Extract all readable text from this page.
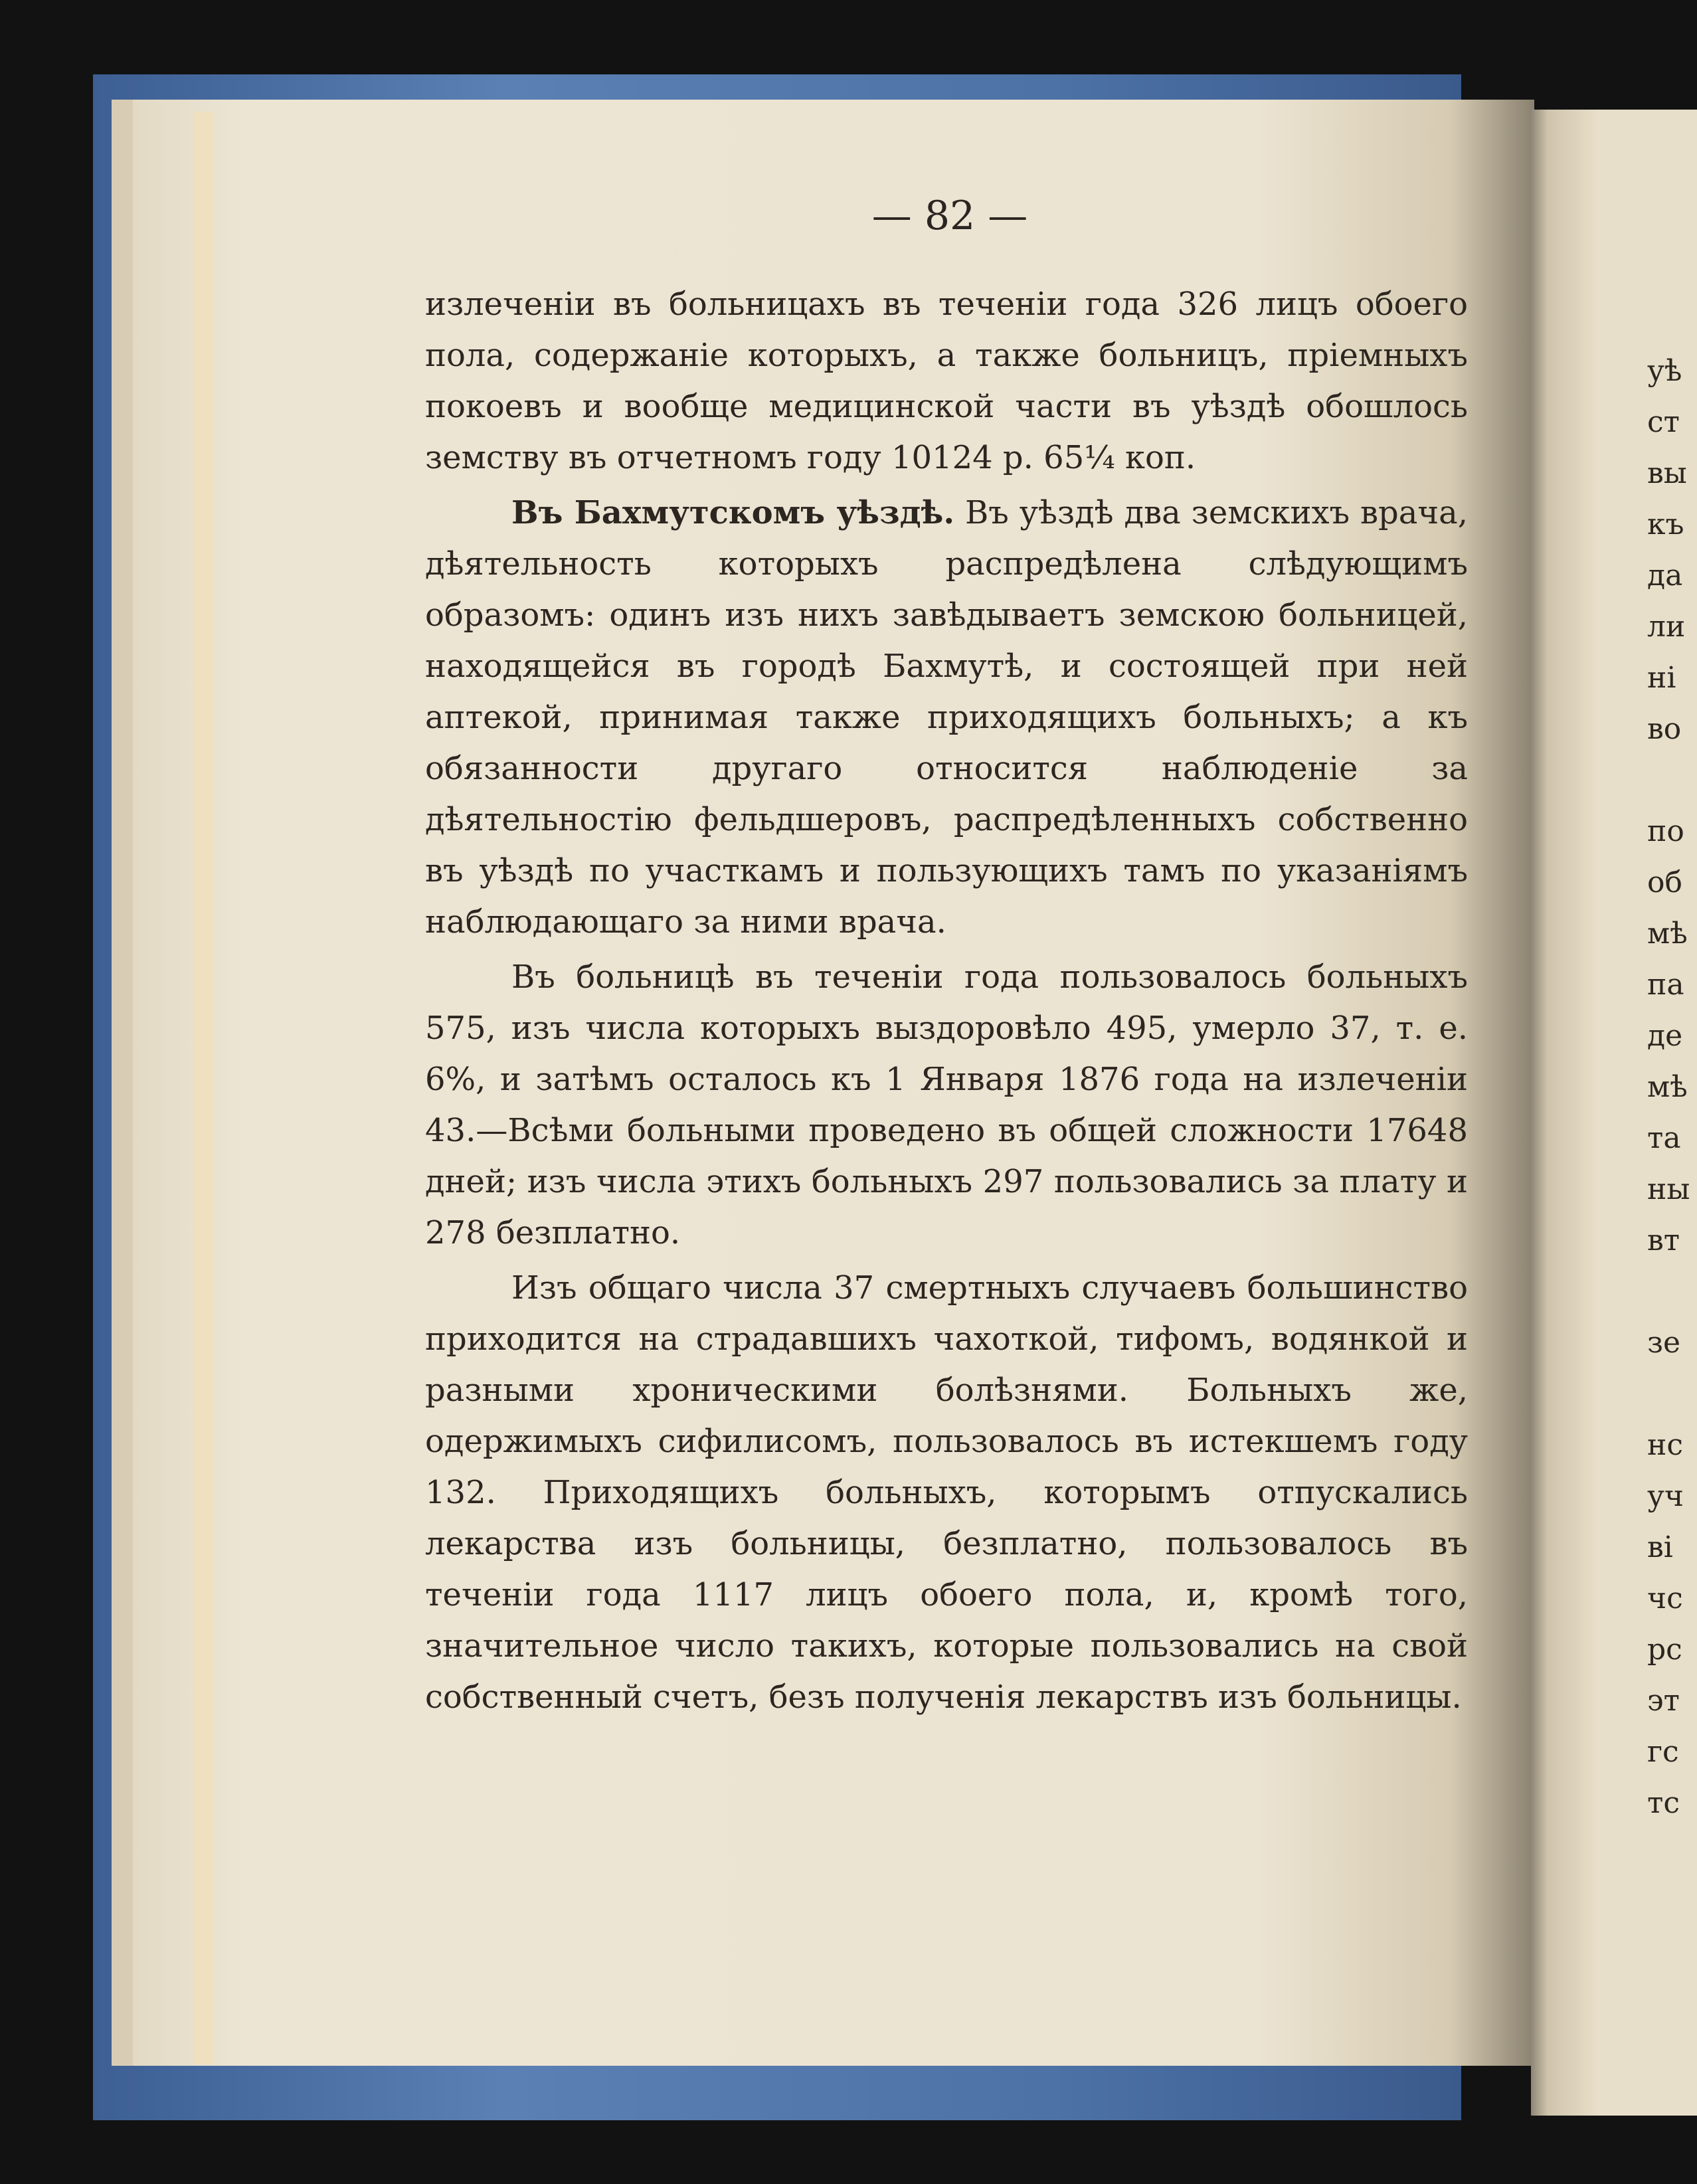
— 82 —

излеченіи въ больницахъ въ теченіи года 326 лицъ обоего пола, содержаніе которыхъ, а также больницъ, пріемныхъ покоевъ и вообще медицинской части въ уѣздѣ обошлось земству въ отчетномъ году 10124 р. 65¼ коп.

Въ Бахмутскомъ уѣздѣ. Въ уѣздѣ два земскихъ врача, дѣятельность которыхъ распредѣлена слѣдующимъ образомъ: одинъ изъ нихъ завѣдываетъ земскою больницей, находящейся въ городѣ Бахмутѣ, и состоящей при ней аптекой, принимая также приходящихъ больныхъ; а къ обязанности другаго относится наблюденіе за дѣятельностію фельдшеровъ, распредѣленныхъ собственно въ уѣздѣ по участкамъ и пользующихъ тамъ по указаніямъ наблюдающаго за ними врача.

Въ больницѣ въ теченіи года пользовалось больныхъ 575, изъ числа которыхъ выздоровѣло 495, умерло 37, т. е. 6%, и затѣмъ осталось къ 1 Января 1876 года на излеченіи 43.—Всѣми больными проведено въ общей сложности 17648 дней; изъ числа этихъ больныхъ 297 пользовались за плату и 278 безплатно.

Изъ общаго числа 37 смертныхъ случаевъ большинство приходится на страдавшихъ чахоткой, тифомъ, водянкой и разными хроническими болѣзнями. Больныхъ же, одержимыхъ сифилисомъ, пользовалось въ истекшемъ году 132. Приходящихъ больныхъ, которымъ отпускались лекарства изъ больницы, безплатно, пользовалось въ теченіи года 1117 лицъ обоего пола, и, кромѣ того, значительное число такихъ, которые пользовались на свой собственный счетъ, безъ полученія лекарствъ изъ больницы.

уѣ
ст
вы
къ
да
ли
ні
во
по
об
мѣ
па
де
мѣ
та
ны
вт
зе
нс
уч
ві
чс
рс
эт
гс
тс
